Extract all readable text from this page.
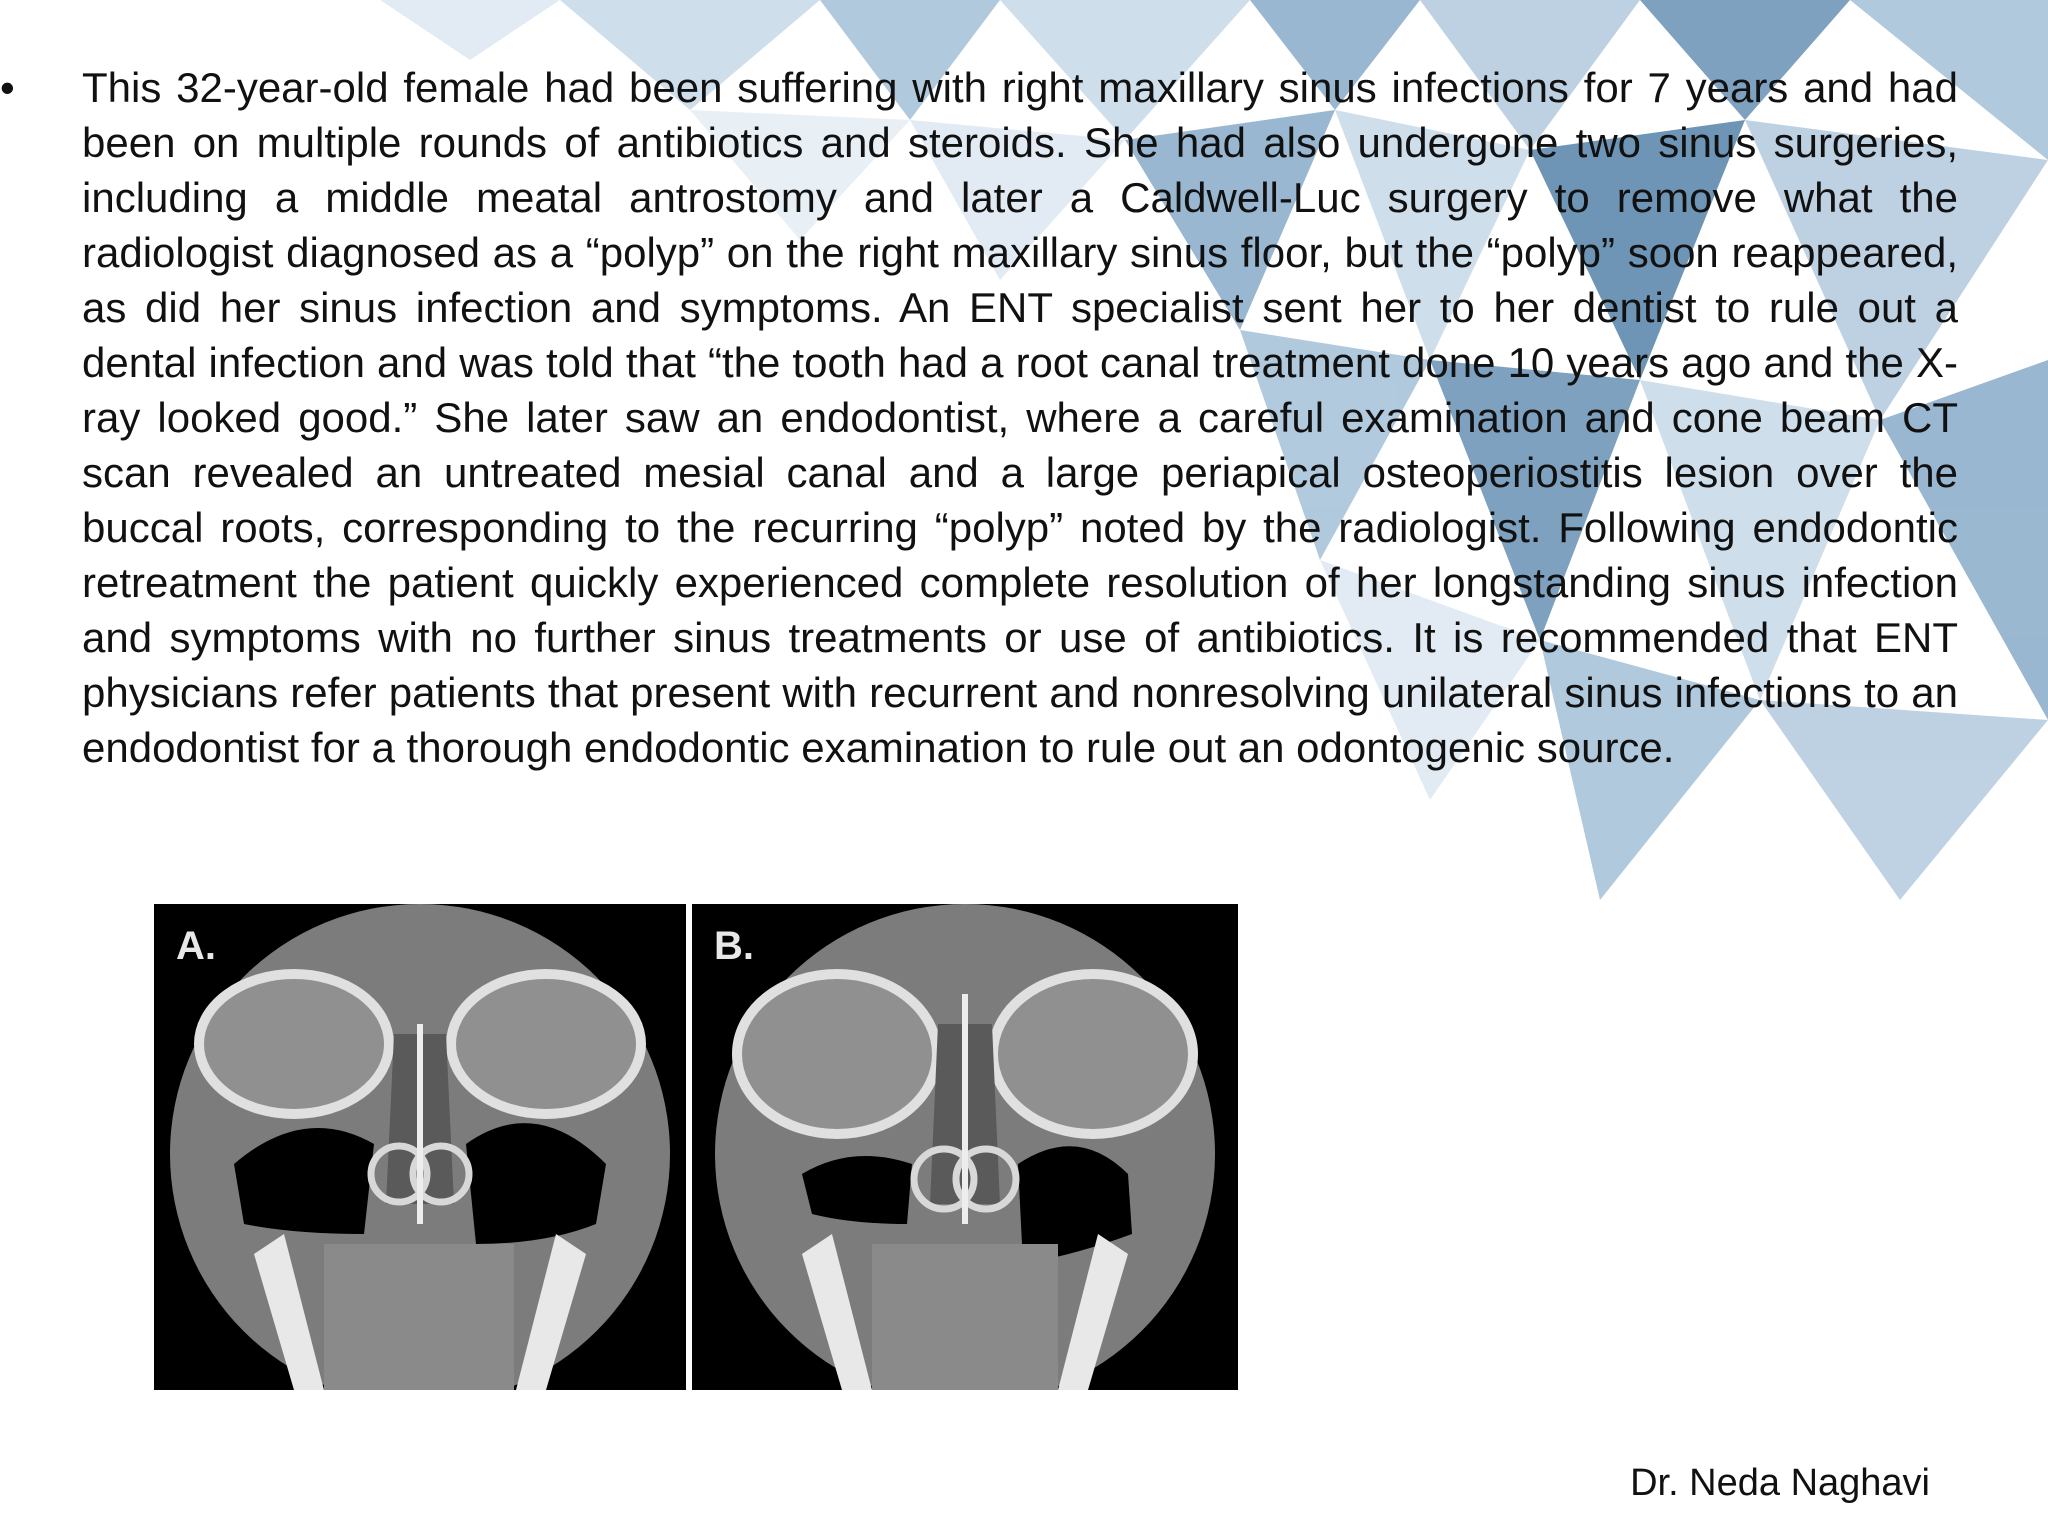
•	This 32-year-old female had been suffering with right maxillary sinus infections for 7 years and had been on multiple rounds of antibiotics and steroids. She had also undergone two sinus surgeries, including a middle meatal antrostomy and later a Caldwell-Luc surgery to remove what the radiologist diagnosed as a “polyp” on the right maxillary sinus floor, but the “polyp” soon reappeared, as did her sinus infection and symptoms. An ENT specialist sent her to her dentist to rule out a dental infection and was told that “the tooth had a root canal treatment done 10 years ago and the X-ray looked good.” She later saw an endodontist, where a careful examination and cone beam CT scan revealed an untreated mesial canal and a large periapical osteoperiostitis lesion over the buccal roots, corresponding to the recurring “polyp” noted by the radiologist. Following endodontic retreatment the patient quickly experienced complete resolution of her longstanding sinus infection and symptoms with no further sinus treatments or use of antibiotics. It is recommended that ENT physicians refer patients that present with recurrent and nonresolving unilateral sinus infections to an endodontist for a thorough endodontic examination to rule out an odontogenic source.
A.	B.
Dr. Neda Naghavi
